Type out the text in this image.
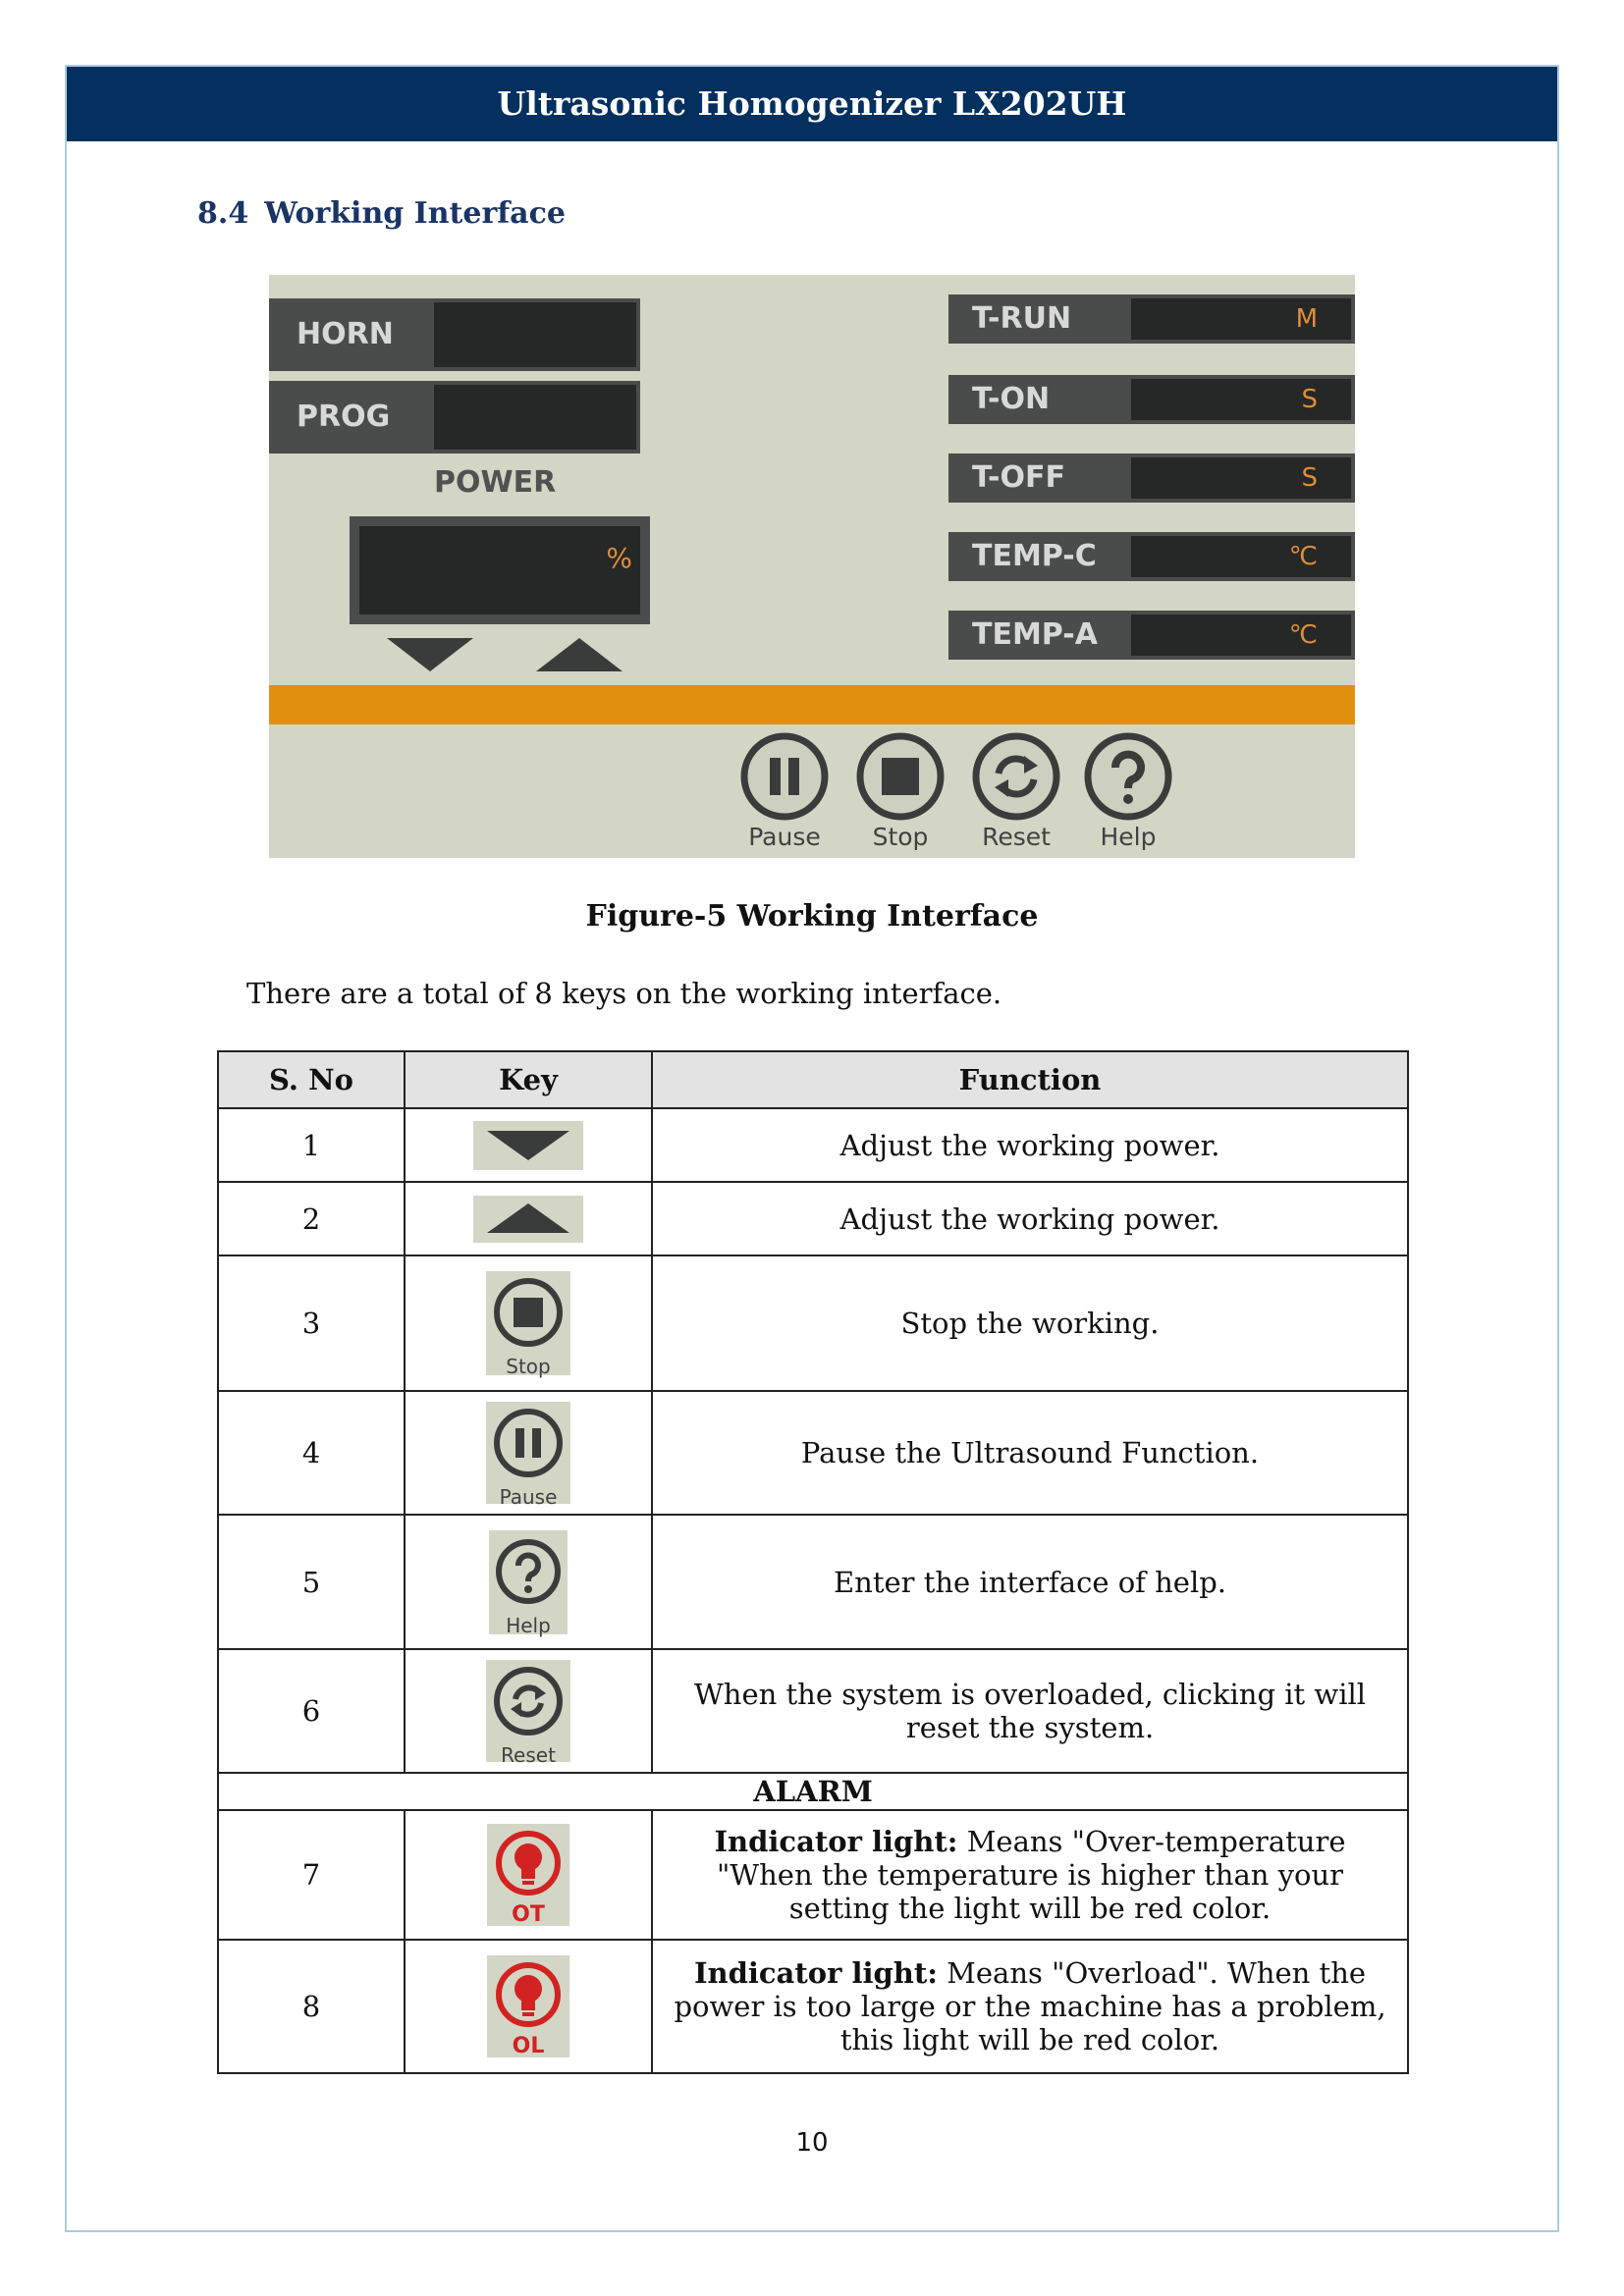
Ultrasonic Homogenizer LX202UH
8.4 Working Interface
HORN
PROG
POWER
%
T-RUN	M
T-ON	S
T-OFF	S
TEMP-C	℃
TEMP-A	℃
Pause	Stop	Reset	Help
Figure-5 Working Interface
There are a total of 8 keys on the working interface.
S. No	Key	Function
1		Adjust the working power.
2		Adjust the working power.
3	Stop	Stop the working.
4	Pause	Pause the Ultrasound Function.
5	Help	Enter the interface of help.
6	Reset	When the system is overloaded, clicking it will reset the system.
ALARM		
7	OT	Indicator light: Means "Over-temperature "When the temperature is higher than your setting the light will be red color.
8	OL	Indicator light: Means "Overload". When the power is too large or the machine has a problem, this light will be red color.
10
